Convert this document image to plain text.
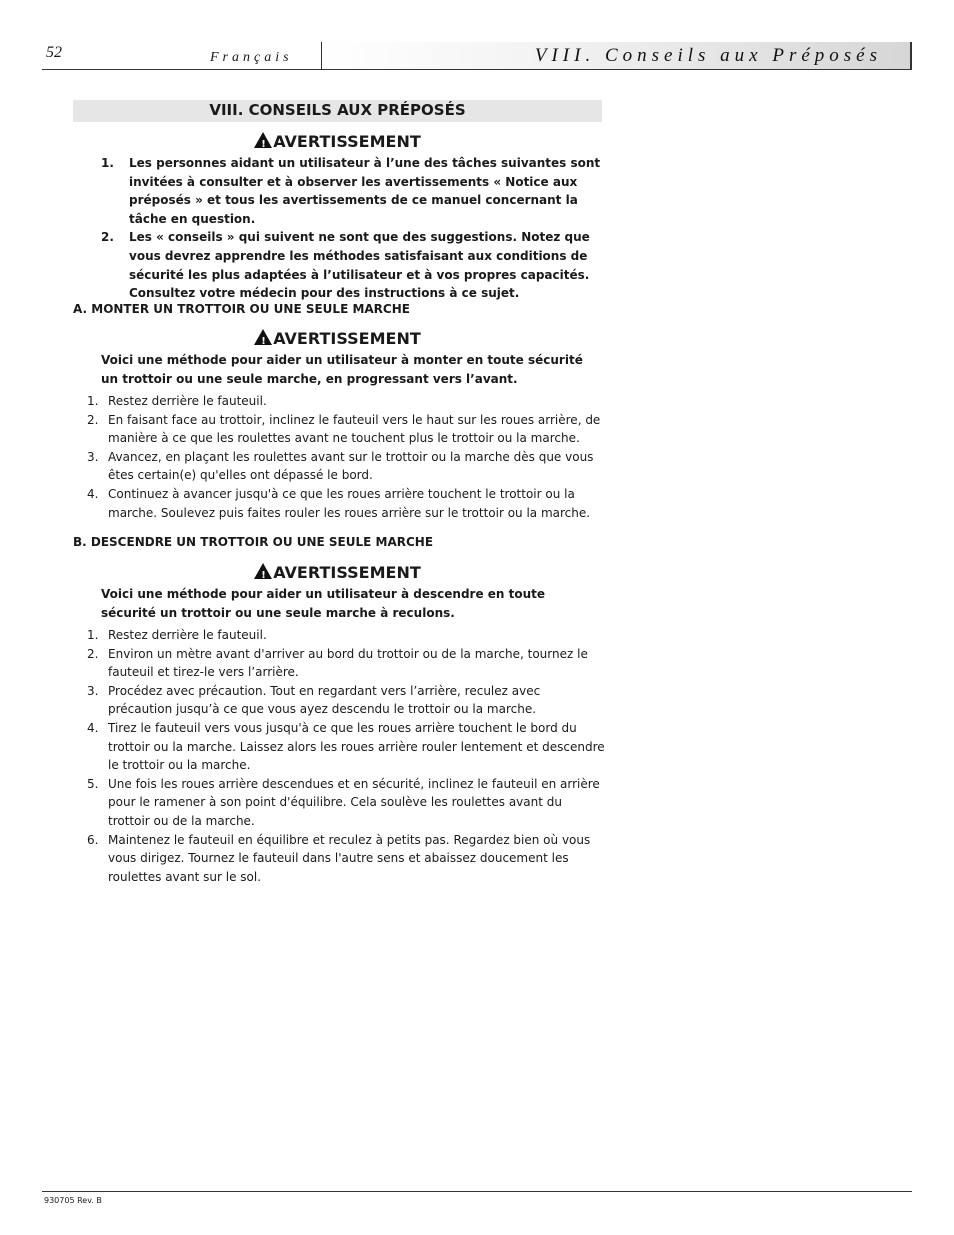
52	Français	VIII. Conseils aux Préposés
VIII. CONSEILS AUX PRÉPOSÉS
!AVERTISSEMENT
1.	Les personnes aidant un utilisateur à l’une des tâches suivantes sont invitées à consulter et à observer les avertissements « Notice aux préposés » et tous les avertissements de ce manuel concernant la tâche en question.
2.	Les « conseils » qui suivent ne sont que des suggestions. Notez que vous devrez apprendre les méthodes satisfaisant aux conditions de sécurité les plus adaptées à l’utilisateur et à vos propres capacités. Consultez votre médecin pour des instructions à ce sujet.
A. MONTER UN TROTTOIR OU UNE SEULE MARCHE
!AVERTISSEMENT
Voici une méthode pour aider un utilisateur à monter en toute sécurité un trottoir ou une seule marche, en progressant vers l’avant.
1. Restez derrière le fauteuil.
2. En faisant face au trottoir, inclinez le fauteuil vers le haut sur les roues arrière, de manière à ce que les roulettes avant ne touchent plus le trottoir ou la marche.
3. Avancez, en plaçant les roulettes avant sur le trottoir ou la marche dès que vous êtes certain(e) qu'elles ont dépassé le bord.
4. Continuez à avancer jusqu'à ce que les roues arrière touchent le trottoir ou la marche. Soulevez puis faites rouler les roues arrière sur le trottoir ou la marche.
B. DESCENDRE UN TROTTOIR OU UNE SEULE MARCHE
!AVERTISSEMENT
Voici une méthode pour aider un utilisateur à descendre en toute sécurité un trottoir ou une seule marche à reculons.
1. Restez derrière le fauteuil.
2. Environ un mètre avant d'arriver au bord du trottoir ou de la marche, tournez le fauteuil et tirez-le vers l’arrière.
3. Procédez avec précaution. Tout en regardant vers l’arrière, reculez avec précaution jusqu’à ce que vous ayez descendu le trottoir ou la marche.
4. Tirez le fauteuil vers vous jusqu'à ce que les roues arrière touchent le bord du trottoir ou la marche. Laissez alors les roues arrière rouler lentement et descendre le trottoir ou la marche.
5. Une fois les roues arrière descendues et en sécurité, inclinez le fauteuil en arrière pour le ramener à son point d'équilibre. Cela soulève les roulettes avant du trottoir ou de la marche.
6. Maintenez le fauteuil en équilibre et reculez à petits pas. Regardez bien où vous vous dirigez. Tournez le fauteuil dans l'autre sens et abaissez doucement les roulettes avant sur le sol.
930705 Rev. B
